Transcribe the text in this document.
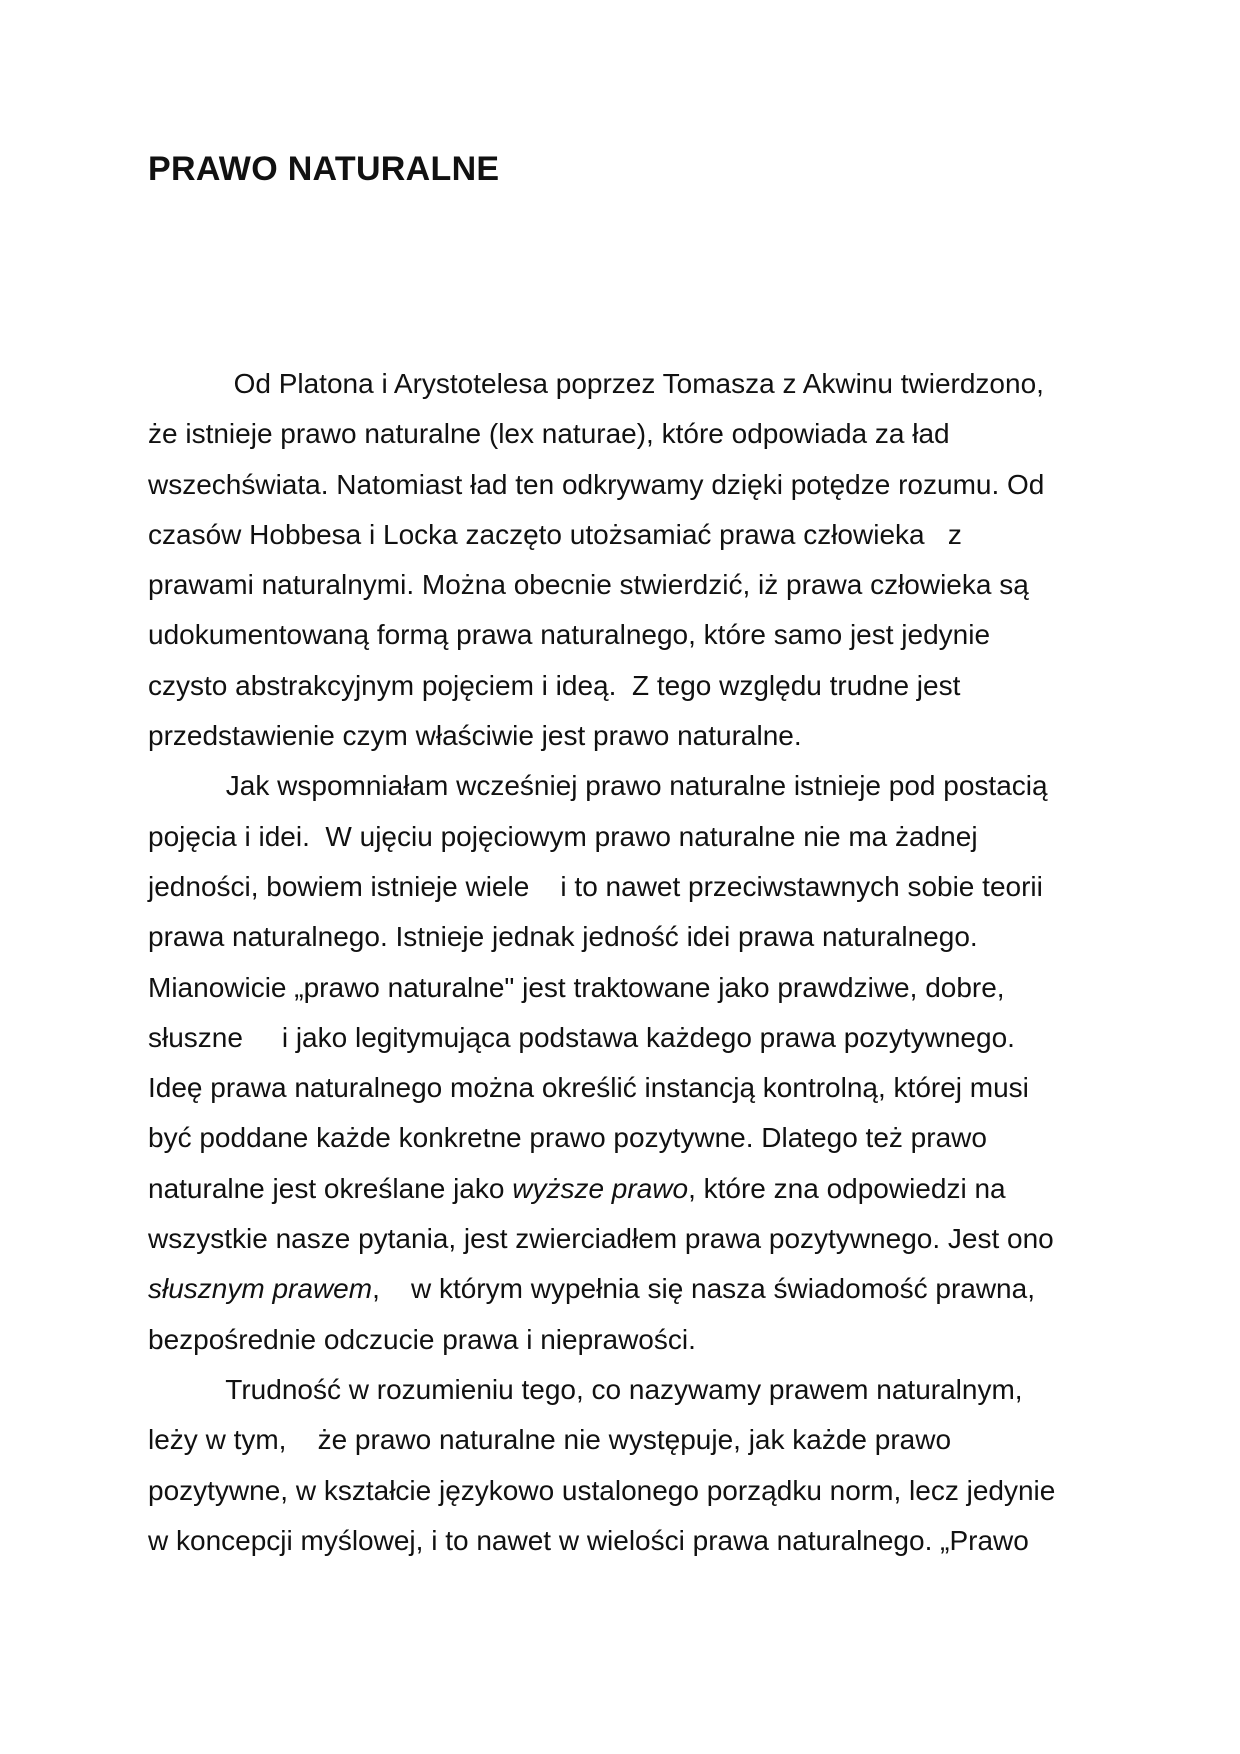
PRAWO NATURALNE
Od Platona i Arystotelesa poprzez Tomasza z Akwinu twierdzono,
że istnieje prawo naturalne (lex naturae), które odpowiada za ład
wszechświata. Natomiast ład ten odkrywamy dzięki potędze rozumu. Od
czasów Hobbesa i Locka zaczęto utożsamiać prawa człowieka   z
prawami naturalnymi. Można obecnie stwierdzić, iż prawa człowieka są
udokumentowaną formą prawa naturalnego, które samo jest jedynie
czysto abstrakcyjnym pojęciem i ideą.  Z tego względu trudne jest
przedstawienie czym właściwie jest prawo naturalne.
Jak wspomniałam wcześniej prawo naturalne istnieje pod postacią
pojęcia i idei.  W ujęciu pojęciowym prawo naturalne nie ma żadnej
jedności, bowiem istnieje wiele    i to nawet przeciwstawnych sobie teorii
prawa naturalnego. Istnieje jednak jedność idei prawa naturalnego.
Mianowicie „prawo naturalne" jest traktowane jako prawdziwe, dobre,
słuszne     i jako legitymująca podstawa każdego prawa pozytywnego.
Ideę prawa naturalnego można określić instancją kontrolną, której musi
być poddane każde konkretne prawo pozytywne. Dlatego też prawo
naturalne jest określane jako wyższe prawo, które zna odpowiedzi na
wszystkie nasze pytania, jest zwierciadłem prawa pozytywnego. Jest ono
słusznym prawem,    w którym wypełnia się nasza świadomość prawna,
bezpośrednie odczucie prawa i nieprawości.
Trudność w rozumieniu tego, co nazywamy prawem naturalnym,
leży w tym,    że prawo naturalne nie występuje, jak każde prawo
pozytywne, w kształcie językowo ustalonego porządku norm, lecz jedynie
w koncepcji myślowej, i to nawet w wielości prawa naturalnego. „Prawo
